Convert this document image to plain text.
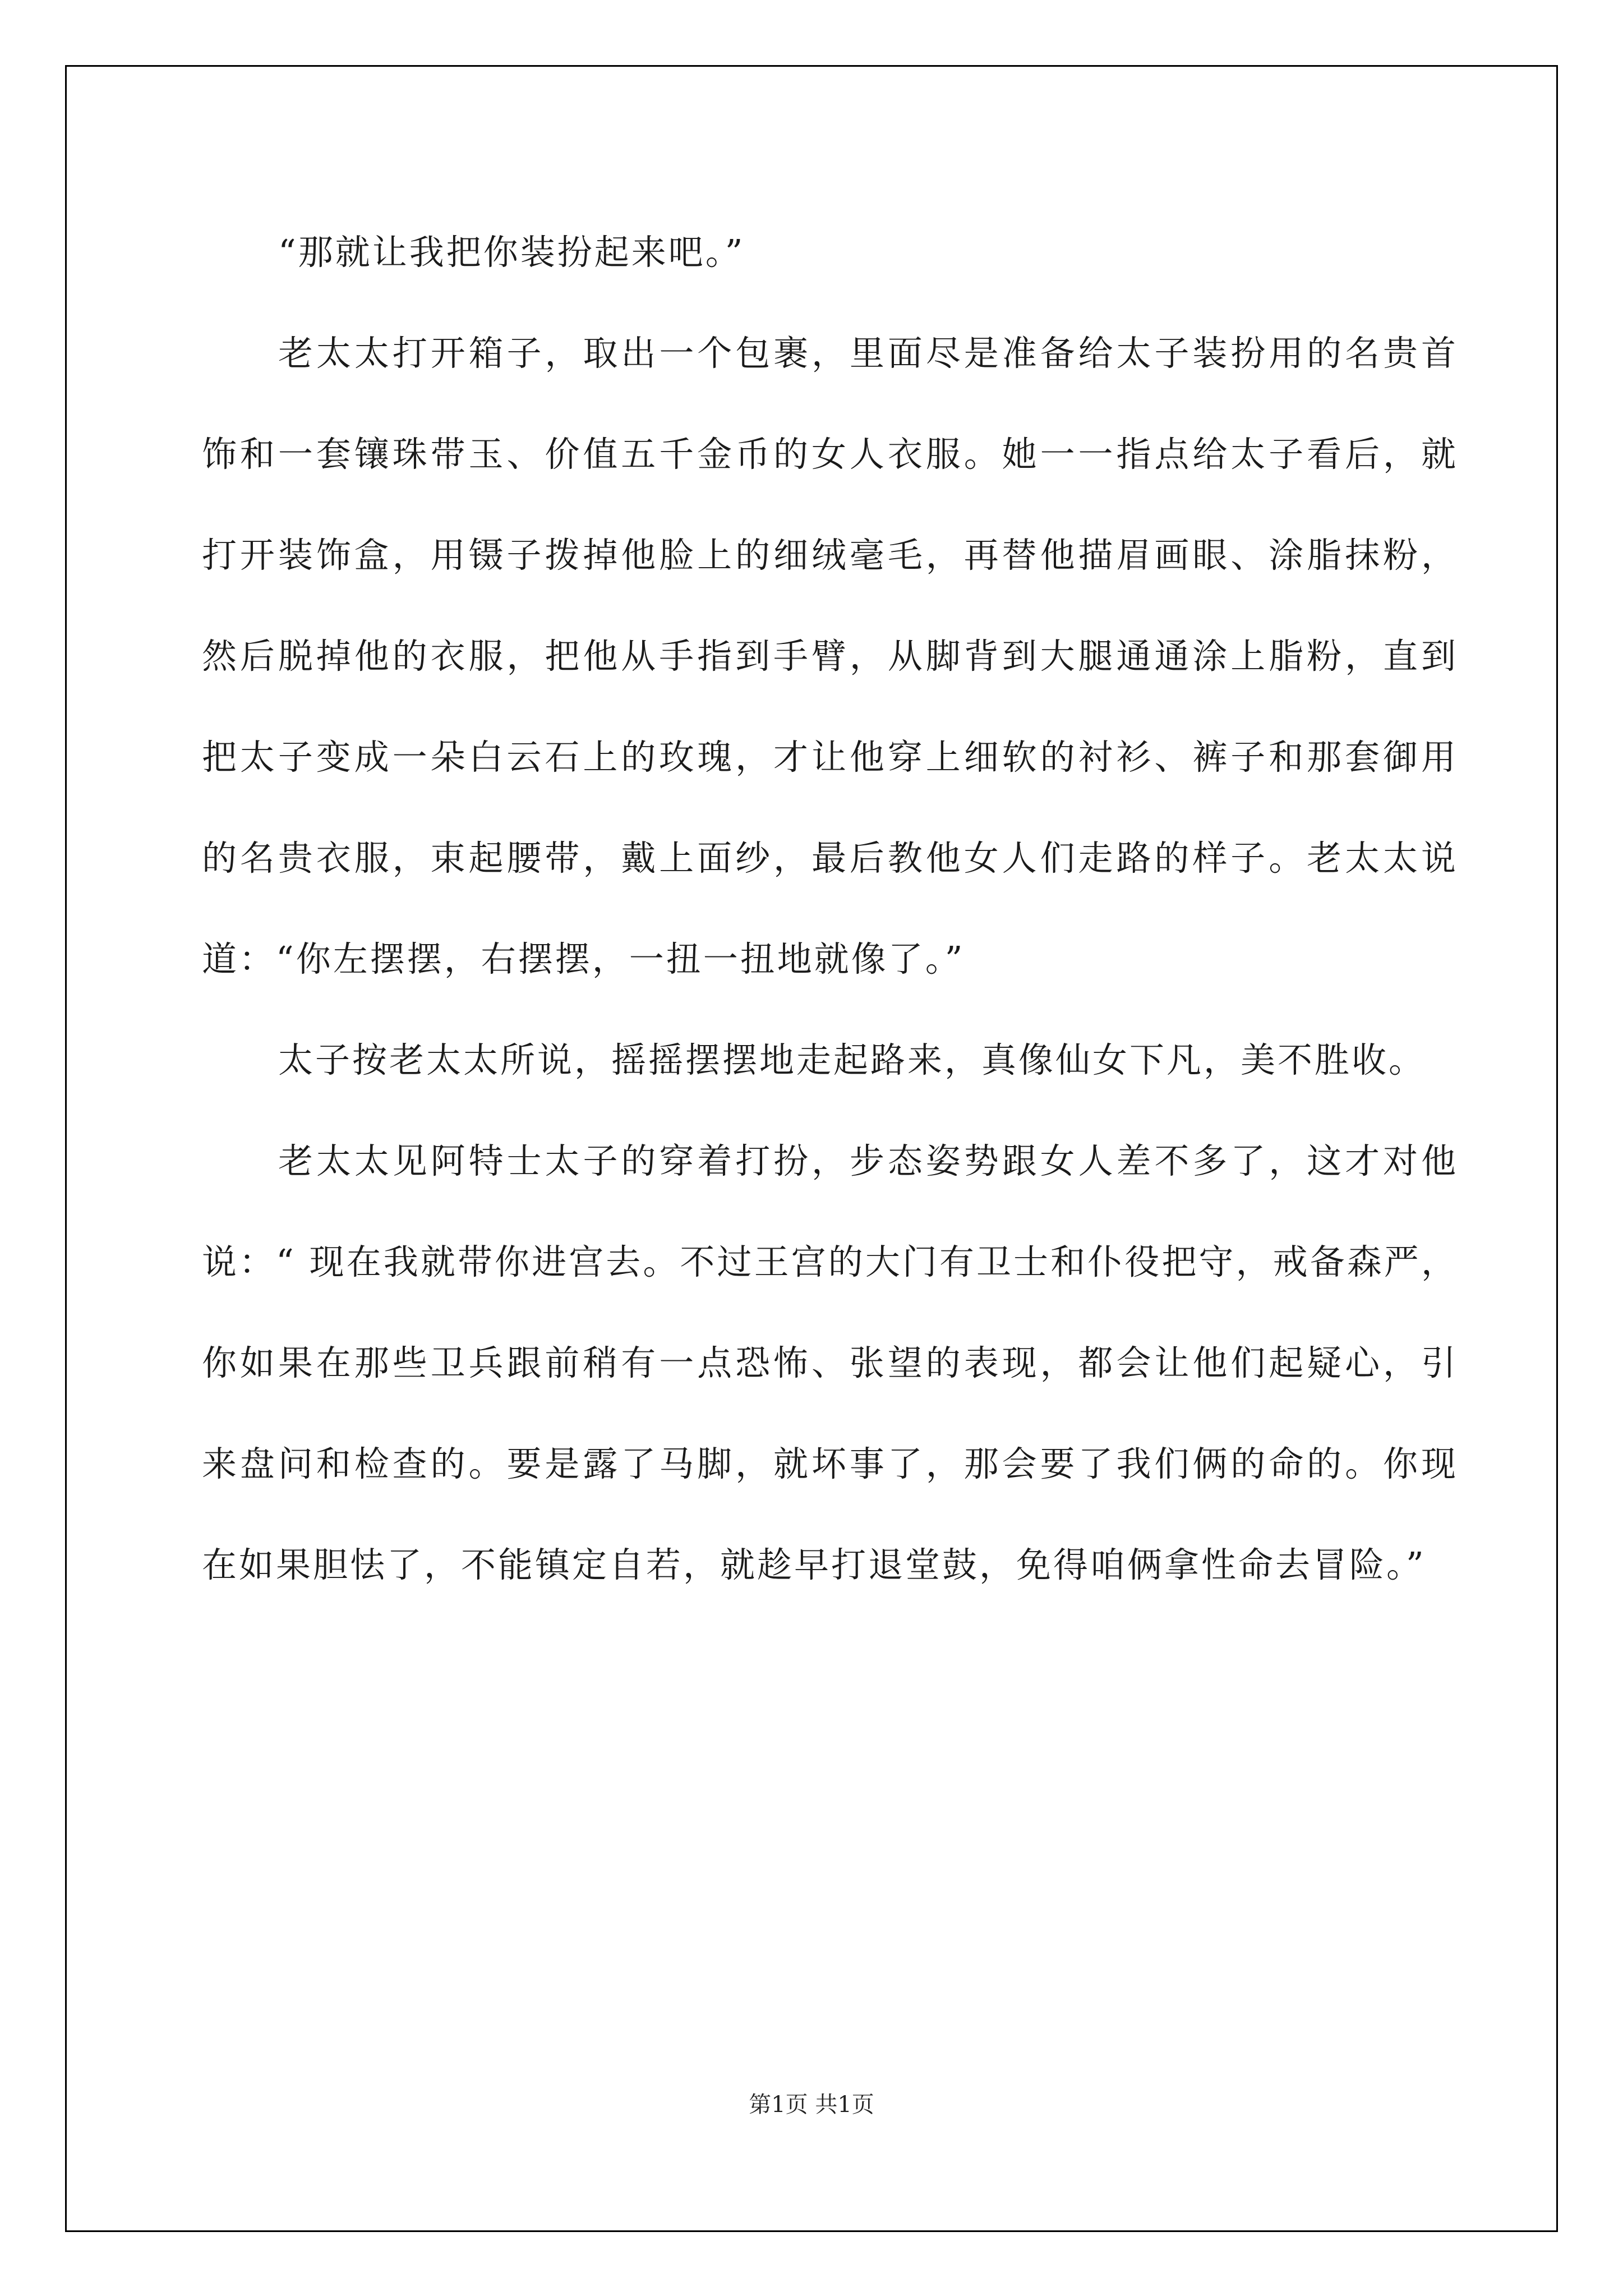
“那就让我把你装扮起来吧。”

老太太打开箱子，取出一个包裹，里面尽是准备给太子装扮用的名贵首饰和一套镶珠带玉、价值五千金币的女人衣服。她一一指点给太子看后，就打开装饰盒，用镊子拨掉他脸上的细绒毫毛，再替他描眉画眼、涂脂抹粉，然后脱掉他的衣服，把他从手指到手臂，从脚背到大腿通通涂上脂粉，直到把太子变成一朵白云石上的玫瑰，才让他穿上细软的衬衫、裤子和那套御用的名贵衣服，束起腰带，戴上面纱，最后教他女人们走路的样子。老太太说道：“你左摆摆，右摆摆，一扭一扭地就像了。”

太子按老太太所说，摇摇摆摆地走起路来，真像仙女下凡，美不胜收。

老太太见阿特士太子的穿着打扮，步态姿势跟女人差不多了，这才对他说：“ 现在我就带你进宫去。不过王宫的大门有卫士和仆役把守，戒备森严，你如果在那些卫兵跟前稍有一点恐怖、张望的表现，都会让他们起疑心，引来盘问和检查的。要是露了马脚，就坏事了，那会要了我们俩的命的。你现在如果胆怯了，不能镇定自若，就趁早打退堂鼓，免得咱俩拿性命去冒险。”

第1页 共1页
